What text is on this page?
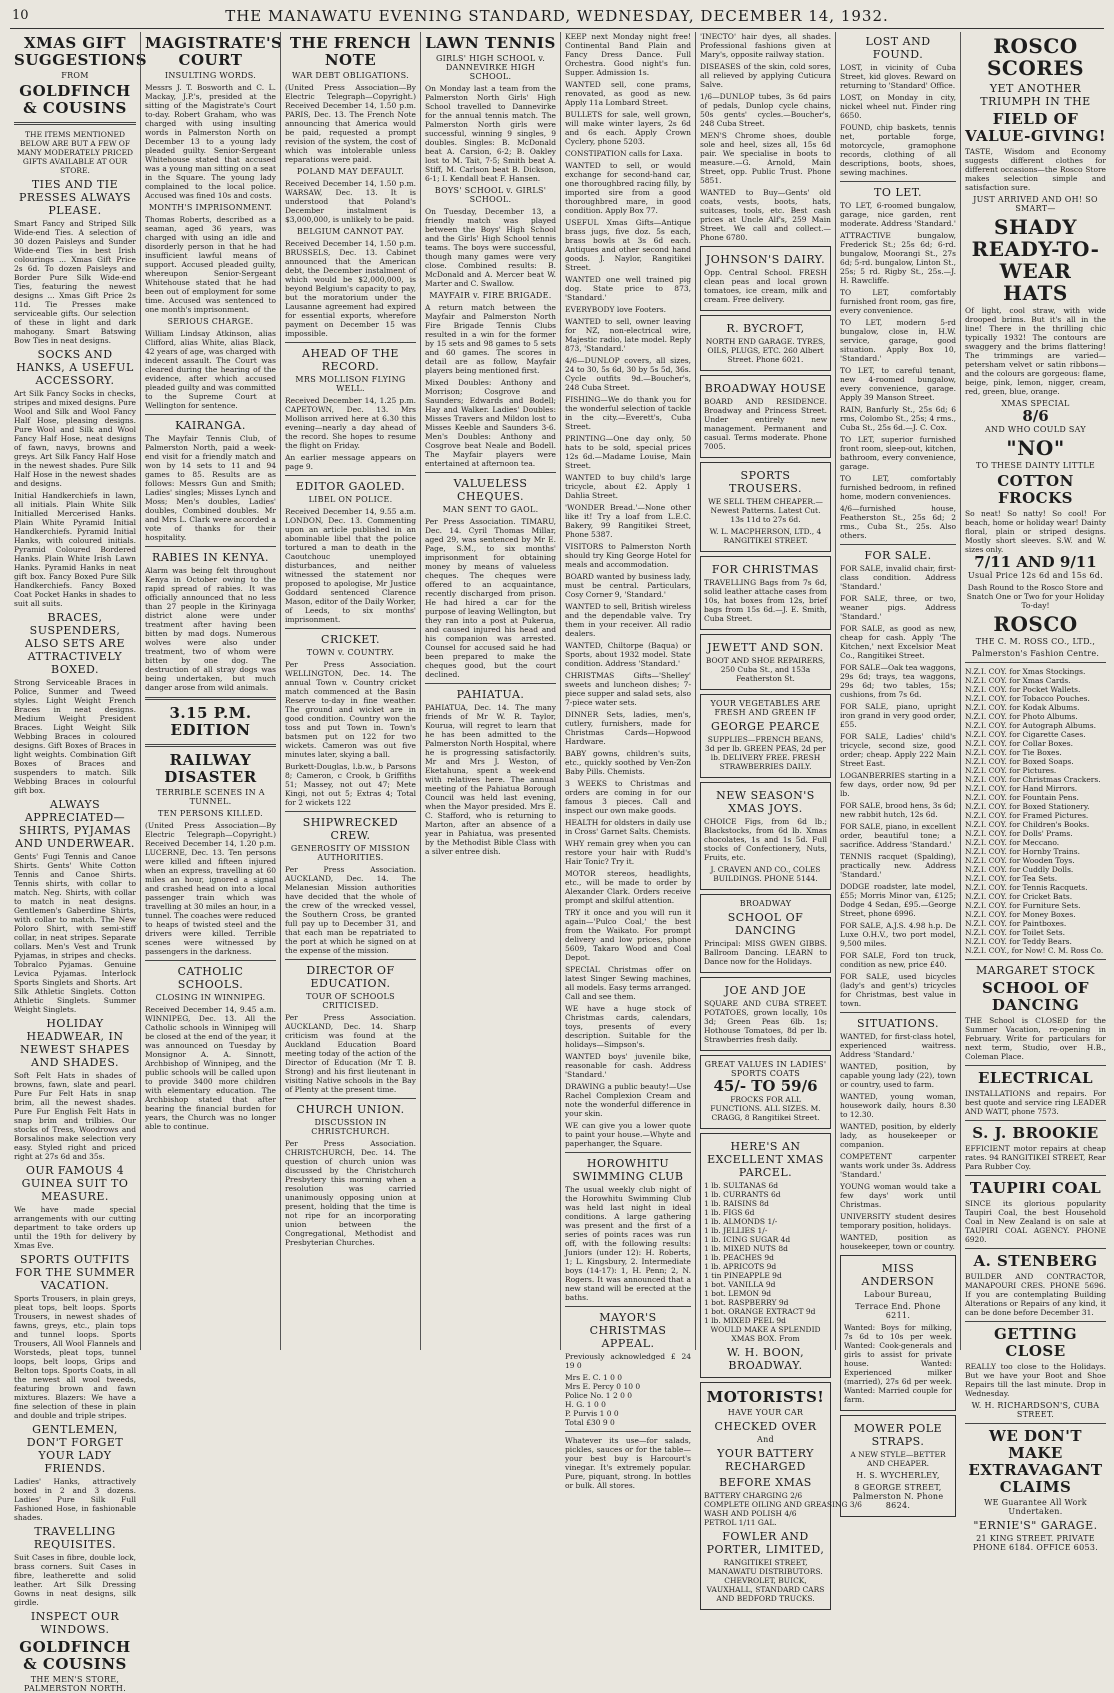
10	THE MANAWATU EVENING STANDARD, WEDNESDAY, DECEMBER 14, 1932.
XMAS GIFT SUGGESTIONS
FROM
GOLDFINCH & COUSINS

THE ITEMS MENTIONED BELOW ARE BUT A FEW OF MANY MODERATELY PRICED GIFTS AVAILABLE AT OUR STORE.

TIES AND TIE PRESSES ALWAYS PLEASE.

Smart Fancy and Striped Silk Wide-end Ties. A selection of 30 dozen Paisleys and Sunder Wide-end Ties in best Irish colourings ... Xmas Gift Price 2s 6d. To dozen Paisleys and Border Pure Silk Wide-end Ties, featuring the newest designs ... Xmas Gift Price 2s 11d. Tie Presses make serviceable gifts. Our selection of these in light and dark mahogany. Smart Batswing Bow Ties in neat designs.

SOCKS AND HANKS, A USEFUL ACCESSORY.

Art Silk Fancy Socks in checks, stripes and mixed designs. Pure Wool and Silk and Wool Fancy Half Hose, pleasing designs. Pure Wool and Silk and Wool Fancy Half Hose, neat designs of fawn, navys, browns and greys. Art Silk Fancy Half Hose in the newest shades. Pure Silk Half Hose in the newest shades and designs.

Initial Handkerchiefs in lawn, all initials. Plain White Silk Initialled Mercerised Hanks. Plain White Pyramid Initial Handkerchiefs. Pyramid Initial Hanks, with coloured initials. Pyramid Coloured Bordered Hanks. Plain White Irish Lawn Hanks. Pyramid Hanks in neat gift box. Fancy Boxed Pure Silk Handkerchiefs. Fancy Boxed Coat Pocket Hanks in shades to suit all suits.

BRACES, SUSPENDERS, ALSO SETS ARE ATTRACTIVELY BOXED.

Strong Serviceable Braces in Police, Sunmer and Tweed styles. Light Weight French Braces in neat designs. Medium Weight President Braces. Light Weight Silk Webbing Braces in coloured designs. Gift Boxes of Braces in light weights. Combination Gift Boxes of Braces and suspenders to match. Silk Webbing Braces in colourful gift box.

ALWAYS APPRECIATED—SHIRTS, PYJAMAS AND UNDERWEAR.

Gents' Fugi Tennis and Canoe Shirts. Gents' White Cotton Tennis and Canoe Shirts. Tennis shirts, with collar to match. Neg. Shirts, with collar to match in neat designs. Gentlemen's Gaberdine Shirts, with collar to match. The New Poloro Shirt, with semi-stiff collar, in neat stripes. Separate collars. Men's Vest and Trunk Pyjamas, in stripes and checks. Tobralco Pyjamas. Genuine Levica Pyjamas. Interlock Sports Singlets and Shorts. Art Silk Athletic Singlets. Cotton Athletic Singlets. Summer Weight Singlets.

HOLIDAY HEADWEAR, IN NEWEST SHAPES AND SHADES.

Soft Felt Hats in shades of browns, fawn, slate and pearl. Pure Fur Felt Hats in snap brim, all the newest shades. Pure Fur English Felt Hats in snap brim and trilbies. Our stocks of Tress, Woodrows and Borsalinos make selection very easy. Styled right and priced right at 27s 6d and 35s.

OUR FAMOUS 4 GUINEA SUIT TO MEASURE.

We have made special arrangements with our cutting department to take orders up until the 19th for delivery by Xmas Eve.

SPORTS OUTFITS FOR THE SUMMER VACATION.

Sports Trousers, in plain greys, pleat tops, belt loops. Sports Trousers, in newest shades of fawns, greys, etc., plain tops and tunnel loops. Sports Trousers, All Wool Flannels and Worsteds, pleat tops, tunnel loops, belt loops, Grips and Belton tops. Sports Coats, in all the newest all wool tweeds, featuring brown and fawn mixtures. Blazers: We have a fine selection of these in plain and double and triple stripes.

GENTLEMEN, DON'T FORGET YOUR LADY FRIENDS.

Ladies' Hanks, attractively boxed in 2 and 3 dozens. Ladies' Pure Silk Full Fashioned Hose, in fashionable shades.

TRAVELLING REQUISITES.

Suit Cases in fibre, double lock, brass corners. Suit Cases in fibre, leatherette and solid leather. Art Silk Dressing Gowns in neat designs, silk girdle.

INSPECT OUR WINDOWS.
GOLDFINCH & COUSINS
THE MEN'S STORE, PALMERSTON NORTH.
MAGISTRATE'S COURT
INSULTING WORDS.

Messrs J. T. Bosworth and C. L. Mackay, J.P.'s, presided at the sitting of the Magistrate's Court to-day. Robert Graham, who was charged with using insulting words in Palmerston North on December 13 to a young lady pleaded guilty. Senior-Sergeant Whitehouse stated that accused was a young man sitting on a seat in the Square. The young lady complained to the local police. Accused was fined 10s and costs.

MONTH'S IMPRISONMENT.

Thomas Roberts, described as a seaman, aged 36 years, was charged with using an idle and disorderly person in that he had insufficient lawful means of support. Accused pleaded guilty, whereupon Senior-Sergeant Whitehouse stated that he had been out of employment for some time. Accused was sentenced to one month's imprisonment.

SERIOUS CHARGE.

William Lindsay Atkinson, alias Clifford, alias White, alias Black, 42 years of age, was charged with indecent assault. The Court was cleared during the hearing of the evidence, after which accused pleaded guilty and was committed to the Supreme Court at Wellington for sentence.

KAIRANGA.

The Mayfair Tennis Club, of Palmerston North, paid a week-end visit for a friendly match and won by 14 sets to 11 and 94 games to 85. Results are as follows: Messrs Gun and Smith; Ladies' singles; Misses Lynch and Moss; Men's doubles, Ladies' doubles, Combined doubles. Mr and Mrs L. Clark were accorded a vote of thanks for their hospitality.

RABIES IN KENYA.

Alarm was being felt throughout Kenya in October owing to the rapid spread of rabies. It was officially announced that no less than 27 people in the Kirinyaga district alone were under treatment after having been bitten by mad dogs. Numerous wolves were also under treatment, two of whom were bitten by one dog. The destruction of all stray dogs was being undertaken, but much danger arose from wild animals.

3.15 P.M. EDITION
RAILWAY DISASTER
TERRIBLE SCENES IN A TUNNEL.
TEN PERSONS KILLED.

(United Press Association—By Electric Telegraph—Copyright.) Received December 14, 1.20 p.m. LUCERNE, Dec. 13. Ten persons were killed and fifteen injured when an express, travelling at 60 miles an hour, ignored a signal and crashed head on into a local passenger train which was travelling at 30 miles an hour, in a tunnel. The coaches were reduced to heaps of twisted steel and the drivers were killed. Terrible scenes were witnessed by passengers in the darkness.

CATHOLIC SCHOOLS.
CLOSING IN WINNIPEG.

Received December 14, 9.45 a.m. WINNIPEG, Dec. 13. All the Catholic schools in Winnipeg will be closed at the end of the year, it was announced on Tuesday by Monsignor A. A. Sinnott, Archbishop of Winnipeg, and the public schools will be called upon to provide 3400 more children with elementary education. The Archbishop stated that after bearing the financial burden for years, the Church was no longer able to continue.

THE FRENCH NOTE
WAR DEBT OBLIGATIONS.

(United Press Association—By Electric Telegraph—Copyright.) Received December 14, 1.50 p.m. PARIS, Dec. 13. The French Note announcing that America would be paid, requested a prompt revision of the system, the cost of which was intolerable unless reparations were paid.

POLAND MAY DEFAULT.

Received December 14, 1.50 p.m. WARSAW, Dec. 13. It is understood that Poland's December instalment is $3,000,000, is unlikely to be paid.

BELGIUM CANNOT PAY.

Received December 14, 1.50 p.m. BRUSSELS, Dec. 13. Cabinet announced that the American debt, the December instalment of which would be $2,000,000, is beyond Belgium's capacity to pay, but the moratorium under the Lausanne agreement had expired for essential exports, wherefore payment on December 15 was impossible.

AHEAD OF THE RECORD.
MRS MOLLISON FLYING WELL.

Received December 14, 1.25 p.m. CAPETOWN, Dec. 13. Mrs Mollison arrived here at 6.30 this evening—nearly a day ahead of the record. She hopes to resume the flight on Friday.

An earlier message appears on page 9.

EDITOR GAOLED.
LIBEL ON POLICE.

Received December 14, 9.55 a.m. LONDON, Dec. 13. Commenting upon an article published in an abominable libel that the police tortured a man to death in the Caoutchouc unemployed disturbances, and neither witnessed the statement nor proposed to apologise, Mr Justice Goddard sentenced Clarence Mason, editor of the Daily Worker, of Leeds, to six months' imprisonment.

CRICKET.
TOWN v. COUNTRY.

Per Press Association. WELLINGTON, Dec. 14. The annual Town v. Country cricket match commenced at the Basin Reserve to-day in fine weather. The ground and wicket are in good condition. Country won the toss and put Town in. Town's batsmen put on 122 for two wickets. Cameron was out five minutes later, skying a ball.

Burkett-Douglas, l.b.w., b Parsons 8; Cameron, c Crook, b Griffiths 51; Massey, not out 47; Mete Kingi, not out 5; Extras 4; Total for 2 wickets 122

SHIPWRECKED CREW.
GENEROSITY OF MISSION AUTHORITIES.

Per Press Association. AUCKLAND, Dec. 14. The Melanesian Mission authorities have decided that the whole of the crew of the wrecked vessel, the Southern Cross, be granted full pay up to December 31, and that each man be repatriated to the port at which he signed on at the expense of the mission.

DIRECTOR OF EDUCATION.
TOUR OF SCHOOLS CRITICISED.

Per Press Association. AUCKLAND, Dec. 14. Sharp criticism was found at the Auckland Education Board meeting today of the action of the Director of Education (Mr T. B. Strong) and his first lieutenant in visiting Native schools in the Bay of Plenty at the present time.

CHURCH UNION.
DISCUSSION IN CHRISTCHURCH.

Per Press Association. CHRISTCHURCH, Dec. 14. The question of church union was discussed by the Christchurch Presbytery this morning when a resolution was carried unanimously opposing union at present, holding that the time is not ripe for an incorporating union between the Congregational, Methodist and Presbyterian Churches.

LAWN TENNIS
GIRLS' HIGH SCHOOL v. DANNEVIRKE HIGH SCHOOL.

On Monday last a team from the Palmerston North Girls' High School travelled to Dannevirke for the annual tennis match. The Palmerston North girls were successful, winning 9 singles, 9 doubles. Singles: B. McDonald beat A. Carsion, 6-2; B. Oakley lost to M. Tait, 7-5; Smith beat A. Stiff, M. Carlson beat B. Dickson, 6-1; I. Kendall beat F. Hansen.

BOYS' SCHOOL v. GIRLS' SCHOOL.

On Tuesday, December 13, a friendly match was played between the Boys' High School and the Girls' High School tennis teams. The boys were successful, though many games were very close. Combined results: B. McDonald and A. Mercer beat W. Marter and C. Swallow.

MAYFAIR v. FIRE BRIGADE.

A return match between the Mayfair and Palmerston North Fire Brigade Tennis Clubs resulted in a win for the former by 15 sets and 98 games to 5 sets and 60 games. The scores in detail are as follow, Mayfair players being mentioned first.

Mixed Doubles: Anthony and Morrison; Cosgrove and Saunders; Edwards and Bodell; Hay and Walker. Ladies' Doubles: Misses Travers and Mildon lost to Misses Keeble and Saunders 3-6. Men's Doubles: Anthony and Cosgrove beat Neale and Bodell. The Mayfair players were entertained at afternoon tea.

VALUELESS CHEQUES.
MAN SENT TO GAOL.

Per Press Association. TIMARU, Dec. 14. Cyril Thomas Millar, aged 29, was sentenced by Mr E. Page, S.M., to six months' imprisonment for obtaining money by means of valueless cheques. The cheques were offered to an acquaintance, recently discharged from prison. He had hired a car for the purpose of leaving Wellington, but they ran into a post at Pukerua, and caused injured his head and his companion was arrested. Counsel for accused said he had been prepared to make the cheques good, but the court declined.

PAHIATUA.

PAHIATUA, Dec. 14. The many friends of Mr W. R. Taylor, Kourua, will regret to learn that he has been admitted to the Palmerston North Hospital, where he is progressing satisfactorily. Mr and Mrs J. Weston, of Eketahuna, spent a week-end with relatives here. The annual meeting of the Pahiatua Borough Council was held last evening, when the Mayor presided. Mrs E. C. Stafford, who is returning to Marton, after an absence of a year in Pahiatua, was presented by the Methodist Bible Class with a silver entree dish.

KEEP next Monday night free! Continental Band Plain and Fancy Dress Dance. Full Orchestra. Good night's fun. Supper. Admission 1s.

WANTED sell, cone prams, renovated, as good as new. Apply 11a Lombard Street.

BULLETS for sale, well grown, will make winter layers, 2s 6d and 6s each. Apply Crown Cyclery, phone 5203.

CONSTIPATION calls for Laxa.

WANTED to sell, or would exchange for second-hand car, one thoroughbred racing filly, by imported sire from a good thoroughbred mare, in good condition. Apply Box 77.

USEFUL Xmas Gifts—Antique brass jugs, five doz. 5s each, brass bowls at 3s 6d each. Antiques and other second hand goods. J. Naylor, Rangitikei Street.

WANTED one well trained pig dog. State price to 873, 'Standard.'

EVERYBODY love Footers.

WANTED to sell, owner leaving for NZ, non-electrical wire, Majestic radio, late model. Reply 873, 'Standard.'

4/6—DUNLOP covers, all sizes, 24 to 30, 5s 6d, 30 by 5s 5d, 36s. Cycle outfits 9d.—Boucher's, 248 Cuba Street.

FISHING—We do thank you for the wonderful selection of tackle in the city.—Everett's, Cuba Street.

PRINTING—One day only, 50 hats to be sold, special prices 12s 6d.—Madame Louise, Main Street.

WANTED to buy child's large tricycle, about £2. Apply 1 Dahlia Street.

'WONDER Bread.'—None other like it! Try a loaf from L.E.C. Bakery, 99 Rangitikei Street, Phone 5387.

VISITORS to Palmerston North should try King George Hotel for meals and accommodation.

BOARD wanted by business lady, must be central. Particulars, Cosy Corner 9, 'Standard.'

WANTED to sell, British wireless and the dependable valve. Try them in your receiver. All radio dealers.

WANTED, Chiltorpe (Baqua) or Sports, about 1932 model. State condition. Address 'Standard.'

CHRISTMAS Gifts—'Shelley' sweets and luncheon dishes; 7-piece supper and salad sets, also 7-piece water sets.

DINNER Sets, ladies, men's, cutlery, furnishers, made for Christmas Cards—Hopwood Hardware.

BABY gowns, children's suits, etc., quickly soothed by Ven-Zon Baby Pills. Chemists.

3 WEEKS to Christmas and orders are coming in for our famous 3 pieces. Call and inspect our own make goods.

HEALTH for oldsters in daily use in Cross' Garnet Salts. Chemists.

WHY remain grey when you can restore your hair with Rudd's Hair Tonic? Try it.

MOTOR stereos, headlights, etc., will be made to order by Alexander Clark. Orders receive prompt and skilful attention.

TRY it once and you will run it again—'Pulco Coal,' the best from the Waikato. For prompt delivery and low prices, phone 5609, Takaro Wood and Coal Depot.

SPECIAL Christmas offer on latest Singer Sewing machines, all models. Easy terms arranged. Call and see them.

WE have a huge stock of Christmas cards, calendars, toys, presents of every description. Suitable for the holidays—Simpson's.

WANTED boys' juvenile bike, reasonable for cash. Address 'Standard.'

DRAWING a public beauty!—Use Rachel Complexion Cream and note the wonderful difference in your skin.

WE can give you a lower quote to paint your house.—Whyte and paperhanger, the Square.

HOROWHITU SWIMMING CLUB

The usual weekly club night of the Horowhitu Swimming Club was held last night in ideal conditions. A large gathering was present and the first of a series of points races was run off, with the following results: Juniors (under 12): H. Roberts, 1; L. Kingsbury, 2. Intermediate boys (14-17): 1, H. Penn; 2, N. Rogers. It was announced that a new stand will be erected at the baths.

MAYOR'S CHRISTMAS APPEAL.

Previously acknowledged £ 24 19 0

Mrs E. C. 1 0 0
Mrs E. Percy 0 10 0
Police No. 1 2 0 0
H. G. 1 0 0
P. Purvis 1 0 0
Total £30 9 0

Whatever its use—for salads, pickles, sauces or for the table—your best buy is Harcourt's vinegar. It's extremely popular. Pure, piquant, strong. In bottles or bulk. All stores.

'INECTO' hair dyes, all shades. Professional fashions given at Mary's, opposite railway station.

DISEASES of the skin, cold sores, all relieved by applying Cuticura Salve.

1/6—DUNLOP tubes, 3s 6d pairs of pedals, Dunlop cycle chains, 50s gents' cycles.—Boucher's, 248 Cuba Street.

MEN'S Chrome shoes, double sole and heel, sizes all, 15s 6d pair. We specialise in boots to measure.—G. Arnold, Main Street, opp. Public Trust. Phone 5851.

WANTED to Buy—Gents' old coats, vests, boots, hats, suitcases, tools, etc. Best cash prices at Uncle Alf's, 259 Main Street. We call and collect.—Phone 6780.

JOHNSON'S DAIRY.

Opp. Central School. FRESH clean peas and local grown tomatoes, ice cream, milk and cream. Free delivery.

R. BYCROFT,

NORTH END GARAGE. TYRES, OILS, PLUGS, ETC. 260 Albert Street. Phone 6021.

BROADWAY HOUSE

BOARD AND RESIDENCE. Broadway and Princess Street. Under entirely new management. Permanent and casual. Terms moderate. Phone 7005.

SPORTS TROUSERS.

WE SELL THEM CHEAPER.—Newest Patterns. Latest Cut. 13s 11d to 27s 6d.

W. L. MACPHERSON, LTD., 4 RANGITIKEI STREET.

FOR CHRISTMAS

TRAVELLING Bags from 7s 6d, solid leather attache cases from 10s, hat boxes from 12s, brief bags from 15s 6d.—J. E. Smith, Cuba Street.

JEWETT AND SON.

BOOT AND SHOE REPAIRERS, 250 Cuba St., and 153a Featherston St.

YOUR VEGETABLES ARE FRESH AND GREEN IF
GEORGE PEARCE

SUPPLIES—FRENCH BEANS, 3d per lb. GREEN PEAS, 2d per lb. DELIVERY FREE. FRESH STRAWBERRIES DAILY.

NEW SEASON'S XMAS JOYS.

CHOICE Figs, from 6d lb.; Blackstocks, from 6d lb. Xmas chocolates, 1s and 1s 5d. Full stocks of Confectionery, Nuts, Fruits, etc.

J. CRAVEN AND CO., COLES BUILDINGS. PHONE 5144.

BROADWAY
SCHOOL OF DANCING

Principal: MISS GWEN GIBBS. Ballroom Dancing. LEARN to Dance now for the Holidays.

JOE AND JOE

SQUARE AND CUBA STREET. POTATOES, grown locally, 10s 3d; Green Peas 6lb. 1s; Hothouse Tomatoes, 8d per lb. Strawberries fresh daily.

GREAT VALUES IN LADIES' SPORTS COATS
45/- TO 59/6

FROCKS FOR ALL FUNCTIONS. ALL SIZES. M. CRAGG, 8 Rangitikei Street.

HERE'S AN EXCELLENT XMAS PARCEL.
1 lb. SULTANAS 6d
1 lb. CURRANTS 6d
1 lb. RAISINS 8d
1 lb. FIGS 6d
1 lb. ALMONDS 1/-
1 lb. JELLIES 1/-
1 lb. ICING SUGAR 4d
1 lb. MIXED NUTS 8d
1 lb. PEACHES 9d
1 lb. APRICOTS 9d
1 tin PINEAPPLE 9d
1 bot. VANILLA 9d
1 bot. LEMON 9d
1 bot. RASPBERRY 9d
1 bot. ORANGE EXTRACT 9d
1 lb. MIXED PEEL 9d

WOULD MAKE A SPLENDID XMAS BOX. From

W. H. BOON, BROADWAY.
MOTORISTS!
HAVE YOUR CAR
CHECKED OVER
And
YOUR BATTERY RECHARGED
BEFORE XMAS
BATTERY CHARGING 2/6
COMPLETE OILING AND GREASING 3/6
WASH AND POLISH 4/6
PETROL 1/11 GAL.
FOWLER AND PORTER, LIMITED,

RANGITIKEI STREET, MANAWATU DISTRIBUTORS. CHEVROLET, BUICK, VAUXHALL, STANDARD CARS AND BEDFORD TRUCKS.

LOST AND FOUND.

LOST, in vicinity of Cuba Street, kid gloves. Reward on returning to 'Standard' Office.

LOST, on Monday in city, nickel wheel nut. Finder ring 6650.

FOUND, chip baskets, tennis net, portable forge, motorcycle, gramophone records, clothing of all descriptions, boots, shoes, sewing machines.

TO LET.

TO LET, 6-roomed bungalow, garage, nice garden, rent moderate. Address 'Standard.'

ATTRACTIVE bungalow, Frederick St.; 25s 6d; 6-rd. bungalow, Moorangi St., 27s 6d; 5-rd. bungalow, Linton St., 25s; 5 rd. Rigby St., 25s.—J. H. Rawcliffe.

TO LET, comfortably furnished front room, gas fire, every convenience.

TO LET, modern 5-rd bungalow, close in, H.W. service, garage, good situation. Apply Box 10, 'Standard.'

TO LET, to careful tenant, new 4-roomed bungalow, every convenience, garage. Apply 39 Manson Street.

RAIN, Banfurly St., 25s 6d; 6 rms, Colombo St., 25s; 4 rms., Cuba St., 25s 6d.—J. C. Cox.

TO LET, superior furnished front room, sleep-out, kitchen, bathroom, every convenience, garage.

TO LET, comfortably furnished bedroom, in refined home, modern conveniences.

4/6—furnished house, Featherston St., 25s 6d; 2 rms., Cuba St., 25s. Also others.

FOR SALE.

FOR SALE, invalid chair, first-class condition. Address 'Standard.'

FOR SALE, three, or two, weaner pigs. Address 'Standard.'

FOR SALE, as good as new, cheap for cash. Apply 'The Kitchen,' next Excelsior Meat Co., Rangitikei Street.

FOR SALE—Oak tea waggons, 29s 6d; trays, tea waggons, 29s 6d; two tables, 15s; cushions, from 7s 6d.

FOR SALE, piano, upright iron grand in very good order, £55.

FOR SALE, Ladies' child's tricycle, second size, good order; cheap. Apply 222 Main Street East.

LOGANBERRIES starting in a few days, order now, 9d per lb.

FOR SALE, brood hens, 3s 6d; new rabbit hutch, 12s 6d.

FOR SALE, piano, in excellent order, beautiful tone; a sacrifice. Address 'Standard.'

TENNIS racquet (Spalding), practically new. Address 'Standard.'

DODGE roadster, late model, £55; Morris Minor van, £125; Dodge 4 Sedan, £95.—George Street, phone 6996.

FOR SALE, A.J.S. 4.98 h.p. De Luxe O.H.V., two port model, 9,500 miles.

FOR SALE, Ford ton truck, condition as new, price £40.

FOR SALE, used bicycles (lady's and gent's) tricycles for Christmas, best value in town.

SITUATIONS.

WANTED, for first-class hotel, experienced waitress. Address 'Standard.'

WANTED, position, by capable young lady (22), town or country, used to farm.

WANTED, young woman, housework daily, hours 8.30 to 12.30.

WANTED, position, by elderly lady, as housekeeper or companion.

COMPETENT carpenter wants work under 3s. Address 'Standard.'

YOUNG woman would take a few days' work until Christmas.

UNIVERSITY student desires temporary position, holidays.

WANTED, position as housekeeper, town or country.

MISS ANDERSON
Labour Bureau,
Terrace End. Phone 6211.

Wanted: Boys for milking, 7s 6d to 10s per week. Wanted: Cook-generals and girls to assist for private house. Wanted: Experienced milker (married), 27s 6d per week. Wanted: Married couple for farm.

MOWER POLE STRAPS.

A NEW STYLE—BETTER AND CHEAPER.

H. S. WYCHERLEY,
8 GEORGE STREET, Palmerston N. Phone 8624.
ROSCO SCORES
YET ANOTHER TRIUMPH IN THE
FIELD OF VALUE-GIVING!

TASTE, Wisdom and Economy suggests different clothes for different occasions—the Rosco Store makes selection simple and satisfaction sure.

JUST ARRIVED AND OH! SO SMART—
SHADY READY-TO-WEAR HATS

Of light, cool straw, with wide drooped brims. But it's all in the line! There in the thrilling chic typically 1932! The contours are swaggery and the brims flattering! The trimmings are varied—petersham velvet or satin ribbons—and the colours are gorgeous: flame, beige, pink, lemon, nigger, cream, red, green, blue, orange.

XMAS SPECIAL
8/6
AND WHO COULD SAY
"NO"
TO THESE DAINTY LITTLE
COTTON FROCKS

So neat! So natty! So cool! For beach, home or holiday wear! Dainty floral, plain or striped designs. Mostly short sleeves. S.W. and W. sizes only.

7/11 AND 9/11
Usual Price 12s 6d and 15s 6d.

Dash Round to the Rosco Store and Snatch One or Two for your Holiday To-day!

ROSCO
THE C. M. ROSS CO., LTD.,
Palmerston's Fashion Centre.
N.Z.I. COY. for Xmas Stockings.
N.Z.I. COY. for Xmas Cards.
N.Z.I. COY. for Pocket Wallets.
N.Z.I. COY. for Tobacco Pouches.
N.Z.I. COY. for Kodak Albums.
N.Z.I. COY. for Photo Albums.
N.Z.I. COY. for Autograph Albums.
N.Z.I. COY. for Cigarette Cases.
N.Z.I. COY. for Collar Boxes.
N.Z.I. COY. for Tie Boxes.
N.Z.I. COY. for Boxed Soaps.
N.Z.I. COY. for Pictures.
N.Z.I. COY. for Christmas Crackers.
N.Z.I. COY. for Hand Mirrors.
N.Z.I. COY. for Fountain Pens.
N.Z.I. COY. for Boxed Stationery.
N.Z.I. COY. for Framed Pictures.
N.Z.I. COY. for Children's Books.
N.Z.I. COY. for Dolls' Prams.
N.Z.I. COY. for Meccano.
N.Z.I. COY. for Hornby Trains.
N.Z.I. COY. for Wooden Toys.
N.Z.I. COY. for Cuddly Dolls.
N.Z.I. COY. for Tea Sets.
N.Z.I. COY. for Tennis Racquets.
N.Z.I. COY. for Cricket Bats.
N.Z.I. COY. for Furniture Sets.
N.Z.I. COY. for Money Boxes.
N.Z.I. COY. for Paintboxes.
N.Z.I. COY. for Toilet Sets.
N.Z.I. COY. for Teddy Bears.
N.Z.I. COY., for Now! C. M. Ross Co.
MARGARET STOCK
SCHOOL OF DANCING

THE School is CLOSED for the Summer Vacation, re-opening in February. Write for particulars for next term, Studio, over H.B., Coleman Place.

ELECTRICAL

INSTALLATIONS and repairs. For best quote and service ring LEADER AND WATT, phone 7573.

S. J. BROOKIE

EFFICIENT motor repairs at cheap rates. 94 RANGITIKEI STREET, Rear Para Rubber Coy.

TAUPIRI COAL

SINCE its glorious popularity Taupiri Coal, the best Household Coal in New Zealand is on sale at TAUPIRI COAL AGENCY. PHONE 6920.

A. STENBERG

BUILDER AND CONTRACTOR, MANAPOURI CRES. PHONE 5696. If you are contemplating Building Alterations or Repairs of any kind, it can be done before December 31.

GETTING CLOSE

REALLY too close to the Holidays. But we have your Boot and Shoe Repairs till the last minute. Drop in Wednesday.

W. H. RICHARDSON'S, CUBA STREET.
WE DON'T MAKE EXTRAVAGANT CLAIMS
WE Guarantee All Work Undertaken.
"ERNIE'S" GARAGE.
21 KING STREET. PRIVATE PHONE 6184. OFFICE 6053.
